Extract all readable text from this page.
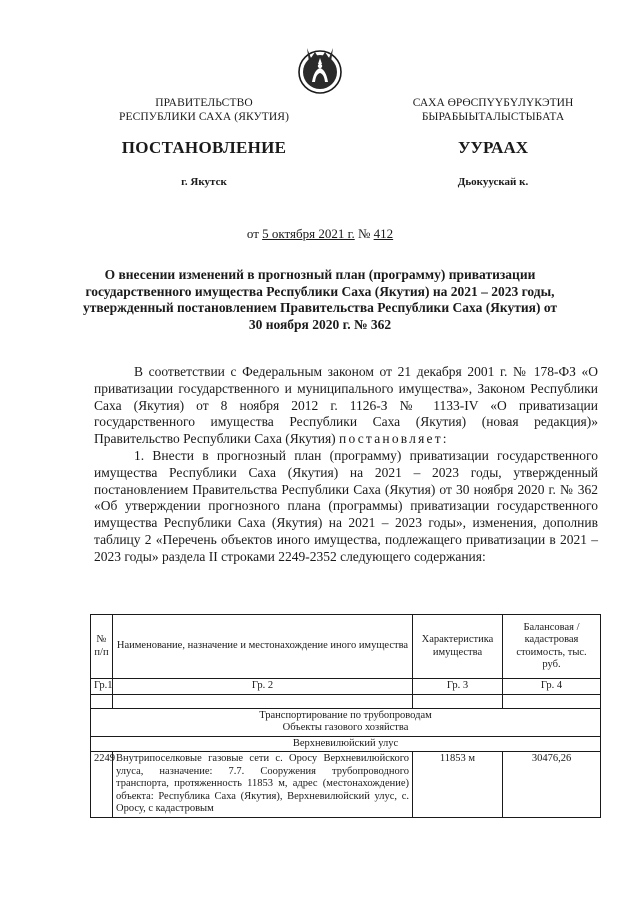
ПРАВИТЕЛЬСТВО
РЕСПУБЛИКИ САХА (ЯКУТИЯ)
САХА ӨРӨСПҮҮБҮЛҮКЭТИН
БЫРАБЫЫТАЛЫСТЫБАТА
ПОСТАНОВЛЕНИЕ	УУРААХ
г. Якутск	Дьокуускай к.
от 5 октября 2021 г. № 412
О внесении изменений в прогнозный план (программу) приватизации государственного имущества Республики Саха (Якутия) на 2021 – 2023 годы, утвержденный постановлением Правительства Республики Саха (Якутия) от 30 ноября 2020 г. № 362

В соответствии с Федеральным законом от 21 декабря 2001 г. № 178-ФЗ «О приватизации государственного и муниципального имущества», Законом Республики Саха (Якутия) от 8 ноября 2012 г. 1126-З № 1133-IV «О приватизации государственного имущества Республики Саха (Якутия) (новая редакция)» Правительство Республики Саха (Якутия) постановляет:

1. Внести в прогнозный план (программу) приватизации государственного имущества Республики Саха (Якутия) на 2021 – 2023 годы, утвержденный постановлением Правительства Республики Саха (Якутия) от 30 ноября 2020 г. № 362 «Об утверждении прогнозного плана (программы) приватизации государственного имущества Республики Саха (Якутия) на 2021 – 2023 годы», изменения, дополнив таблицу 2 «Перечень объектов иного имущества, подлежащего приватизации в 2021 – 2023 годы» раздела II строками 2249-2352 следующего содержания:

№ п/п	Наименование, назначение и местонахождение иного имущества	Характеристика имущества	Балансовая / кадастровая стоимость, тыс. руб.
Гр.1	Гр. 2	Гр. 3	Гр. 4

Транспортирование по трубопроводам
Объекты газового хозяйства			

Верхневилюйский улус			
2249	Внутрипоселковые газовые сети с. Оросу Верхневилюйского улуса, назначение: 7.7. Сооружения трубопроводного транспорта, протяженность 11853 м, адрес (местонахождение) объекта: Республика Саха (Якутия), Верхневилюйский улус, с. Оросу, с кадастровым	11853 м	30476,26
